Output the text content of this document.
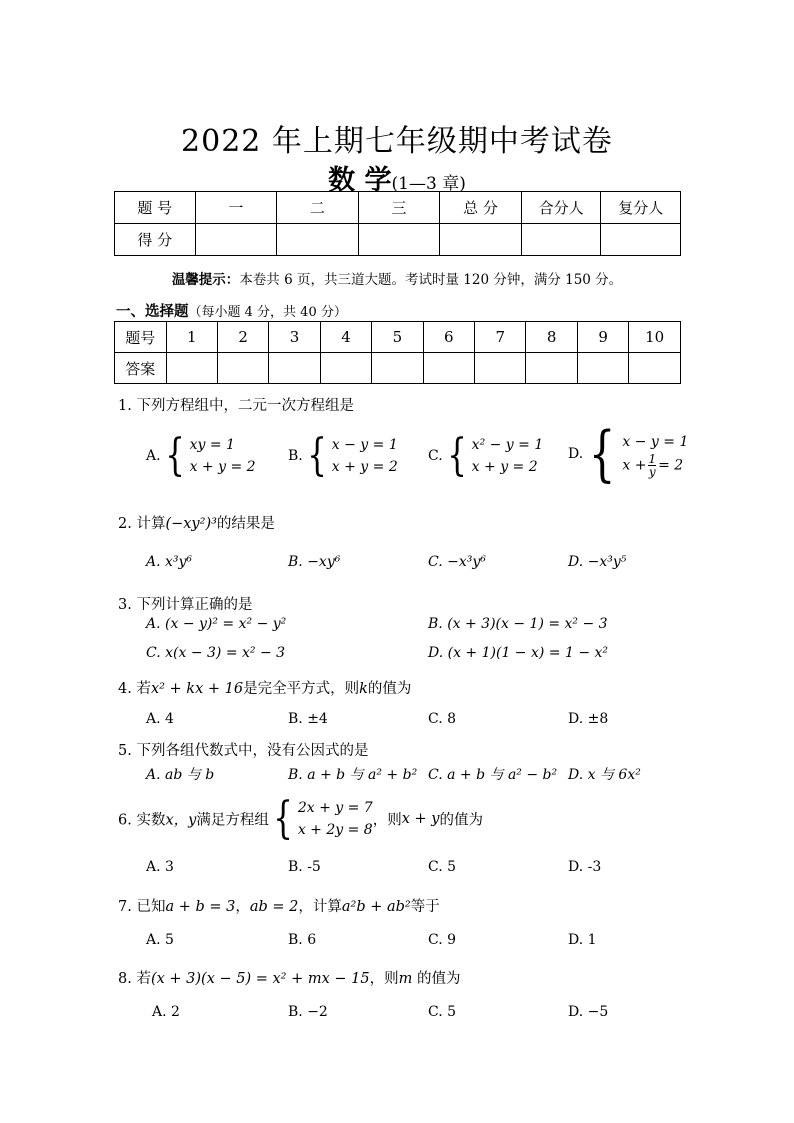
2022 年上期七年级期中考试卷
数 学(1—3 章)
题 号	一	二	三	总 分	合分人	复分人
得 分						
温馨提示：本卷共 6 页，共三道大题。考试时量 120 分钟，满分 150 分。
一、选择题（每小题 4 分，共 40 分）
题号	1	2	3	4	5	6	7	8	9	10
答案										
1. 下列方程组中，二元一次方程组是
A.{ xy = 1
x + y = 2
B.{ x − y = 1
x + y = 2
C.{ x² − y = 1
x + y = 2
D.{ x − y = 1
$x + \frac{1}{y} = 2$
2. 计算(−xy²)³的结果是
A. x³y⁶	B. −xy⁶	C. −x³y⁶	D. −x³y⁵
3. 下列计算正确的是
A. (x − y)² = x² − y²	B. (x + 3)(x − 1) = x² − 3
C. x(x − 3) = x² − 3	D. (x + 1)(1 − x) = 1 − x²
4. 若x² + kx + 16是完全平方式，则k的值为
A. 4	B. ±4	C. 8	D. ±8
5. 下列各组代数式中，没有公因式的是
A. ab 与 b	B. a + b 与 a² + b² C. a + b 与 a² − b² D. x 与 6x²
6. 实数x，y满足方程组{ 2x + y = 7
x + 2y = 8
，则x + y的值为
A. 3	B. -5	C. 5	D. -3
7. 已知a + b = 3，ab = 2，计算a²b + ab²等于
A. 5	B. 6	C. 9	D. 1
8. 若(x + 3)(x − 5) = x² + mx − 15，则m 的值为
A. 2	B. −2	C. 5	D. −5
